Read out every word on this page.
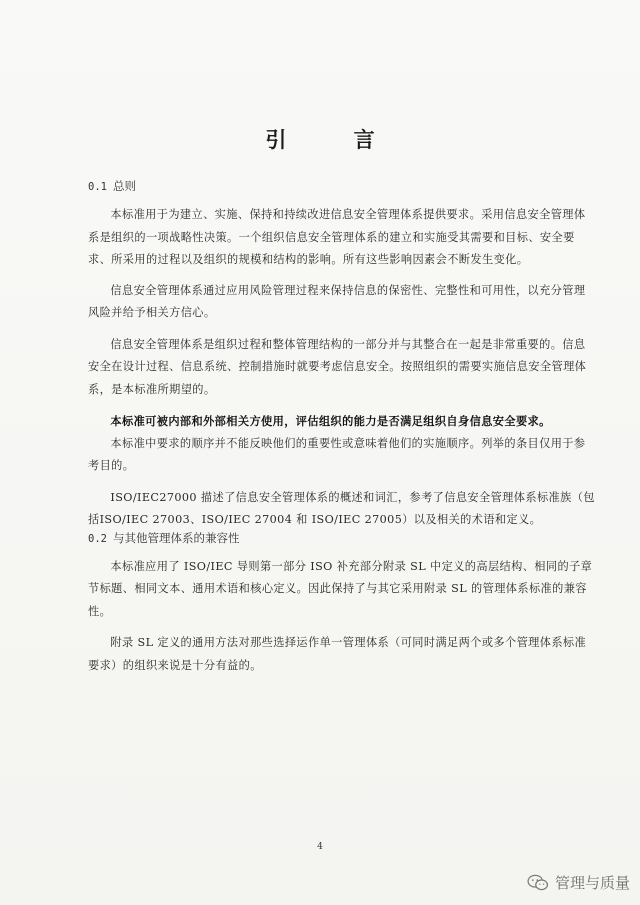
引 言
0.1 总则

本标准用于为建立、实施、保持和持续改进信息安全管理体系提供要求。采用信息安全管理体系是组织的一项战略性决策。一个组织信息安全管理体系的建立和实施受其需要和目标、安全要求、所采用的过程以及组织的规模和结构的影响。所有这些影响因素会不断发生变化。

信息安全管理体系通过应用风险管理过程来保持信息的保密性、完整性和可用性，以充分管理风险并给予相关方信心。

信息安全管理体系是组织过程和整体管理结构的一部分并与其整合在一起是非常重要的。信息安全在设计过程、信息系统、控制措施时就要考虑信息安全。按照组织的需要实施信息安全管理体系，是本标准所期望的。

本标准可被内部和外部相关方使用，评估组织的能力是否满足组织自身信息安全要求。

本标准中要求的顺序并不能反映他们的重要性或意味着他们的实施顺序。列举的条目仅用于参考目的。

ISO/IEC27000 描述了信息安全管理体系的概述和词汇，参考了信息安全管理体系标准族（包括ISO/IEC 27003、ISO/IEC 27004 和 ISO/IEC 27005）以及相关的术语和定义。

0.2 与其他管理体系的兼容性

本标准应用了 ISO/IEC 导则第一部分 ISO 补充部分附录 SL 中定义的高层结构、相同的子章节标题、相同文本、通用术语和核心定义。因此保持了与其它采用附录 SL 的管理体系标准的兼容性。

附录 SL 定义的通用方法对那些选择运作单一管理体系（可同时满足两个或多个管理体系标准要求）的组织来说是十分有益的。

4
管理与质量
